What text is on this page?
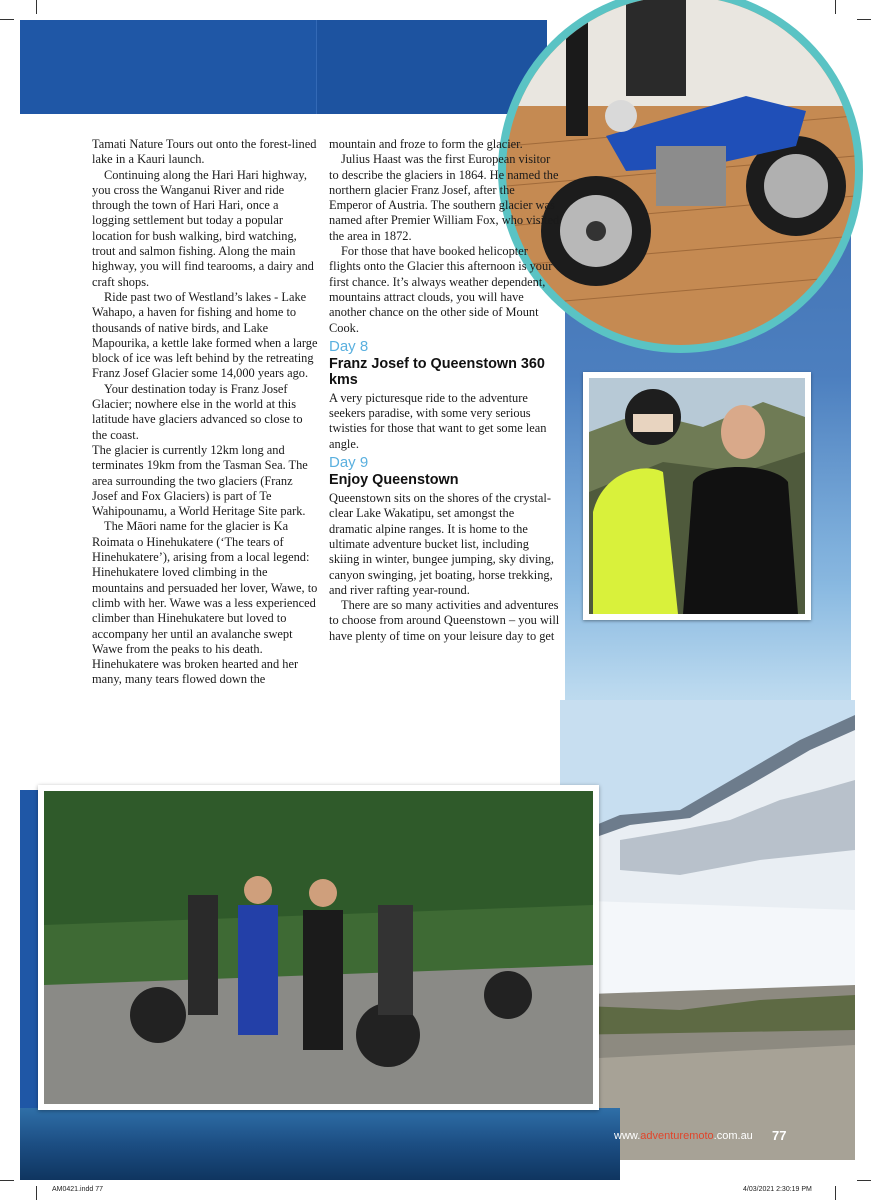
Tamati Nature Tours out onto the forest-lined lake in a Kauri launch.

Continuing along the Hari Hari highway, you cross the Wanganui River and ride through the town of Hari Hari, once a logging settlement but today a popular location for bush walking, bird watching, trout and salmon fishing. Along the main highway, you will find tearooms, a dairy and craft shops.

Ride past two of Westland’s lakes - Lake Wahapo, a haven for fishing and home to thousands of native birds, and Lake Mapourika, a kettle lake formed when a large block of ice was left behind by the retreating Franz Josef Glacier some 14,000 years ago.

Your destination today is Franz Josef Glacier; nowhere else in the world at this latitude have glaciers advanced so close to the coast.

The glacier is currently 12km long and terminates 19km from the Tasman Sea. The area surrounding the two glaciers (Franz Josef and Fox Glaciers) is part of Te Wahipounamu, a World Heritage Site park.

The Māori name for the glacier is Ka Roimata o Hinehukatere (‘The tears of Hinehukatere’), arising from a local legend: Hinehukatere loved climbing in the mountains and persuaded her lover, Wawe, to climb with her. Wawe was a less experienced climber than Hinehukatere but loved to accompany her until an avalanche swept

Wawe from the peaks to his death. Hinehukatere was broken hearted and her many, many tears flowed down the

mountain and froze to form the glacier.

Julius Haast was the first European visitor to describe the glaciers in 1864. He named the northern glacier Franz Josef, after the Emperor of Austria. The southern glacier was named after Premier William Fox, who visited the area in 1872.

For those that have booked helicopter flights onto the Glacier this afternoon is your first chance. It’s always weather dependent, mountains attract clouds, you will have another chance on the other side of Mount Cook.

Day 8
Franz Josef to Queenstown 360 kms

A very picturesque ride to the adventure seekers paradise, with some very serious twisties for those that want to get some lean angle.

Day 9
Enjoy Queenstown

Queenstown sits on the shores of the crystal-clear Lake Wakatipu, set amongst the dramatic alpine ranges. It is home to the ultimate adventure bucket list, including skiing in winter, bungee jumping, sky diving, canyon swinging, jet boating, horse trekking, and river rafting year-round.

There are so many activities and adventures to choose from around Queenstown – you will have plenty of time on your leisure day to get

www.adventuremoto.com.au 77
AM0421.indd 77	4/03/2021 2:30:19 PM
